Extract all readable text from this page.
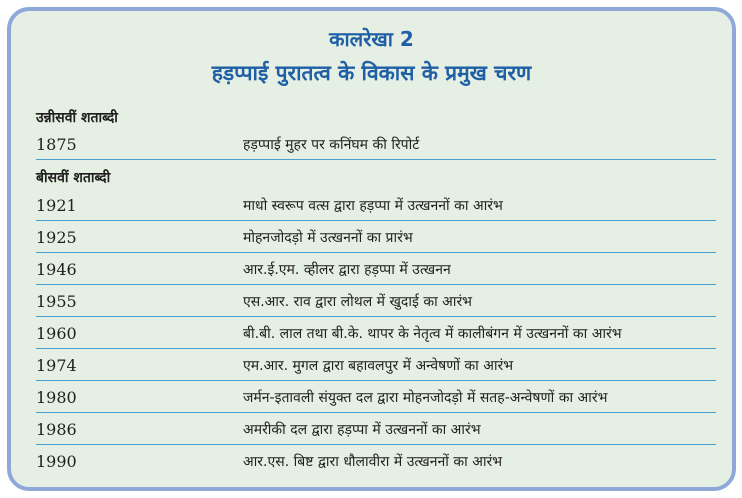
कालरेखा 2
हड़प्पाई पुरातत्व के विकास के प्रमुख चरण
उन्नीसवीं शताब्दी
1875	हड़प्पाई मुहर पर कनिंघम की रिपोर्ट
बीसवीं शताब्दी
1921	माधो स्वरूप वत्स द्वारा हड़प्पा में उत्खननों का आरंभ
1925	मोहनजोदड़ो में उत्खननों का प्रारंभ
1946	आर.ई.एम. व्हीलर द्वारा हड़प्पा में उत्खनन
1955	एस.आर. राव द्वारा लोथल में खुदाई का आरंभ
1960	बी.बी. लाल तथा बी.के. थापर के नेतृत्व में कालीबंगन में उत्खननों का आरंभ
1974	एम.आर. मुगल द्वारा बहावलपुर में अन्वेषणों का आरंभ
1980	जर्मन-इतावली संयुक्त दल द्वारा मोहनजोदड़ो में सतह-अन्वेषणों का आरंभ
1986	अमरीकी दल द्वारा हड़प्पा में उत्खननों का आरंभ
1990	आर.एस. बिष्ट द्वारा धौलावीरा में उत्खननों का आरंभ
